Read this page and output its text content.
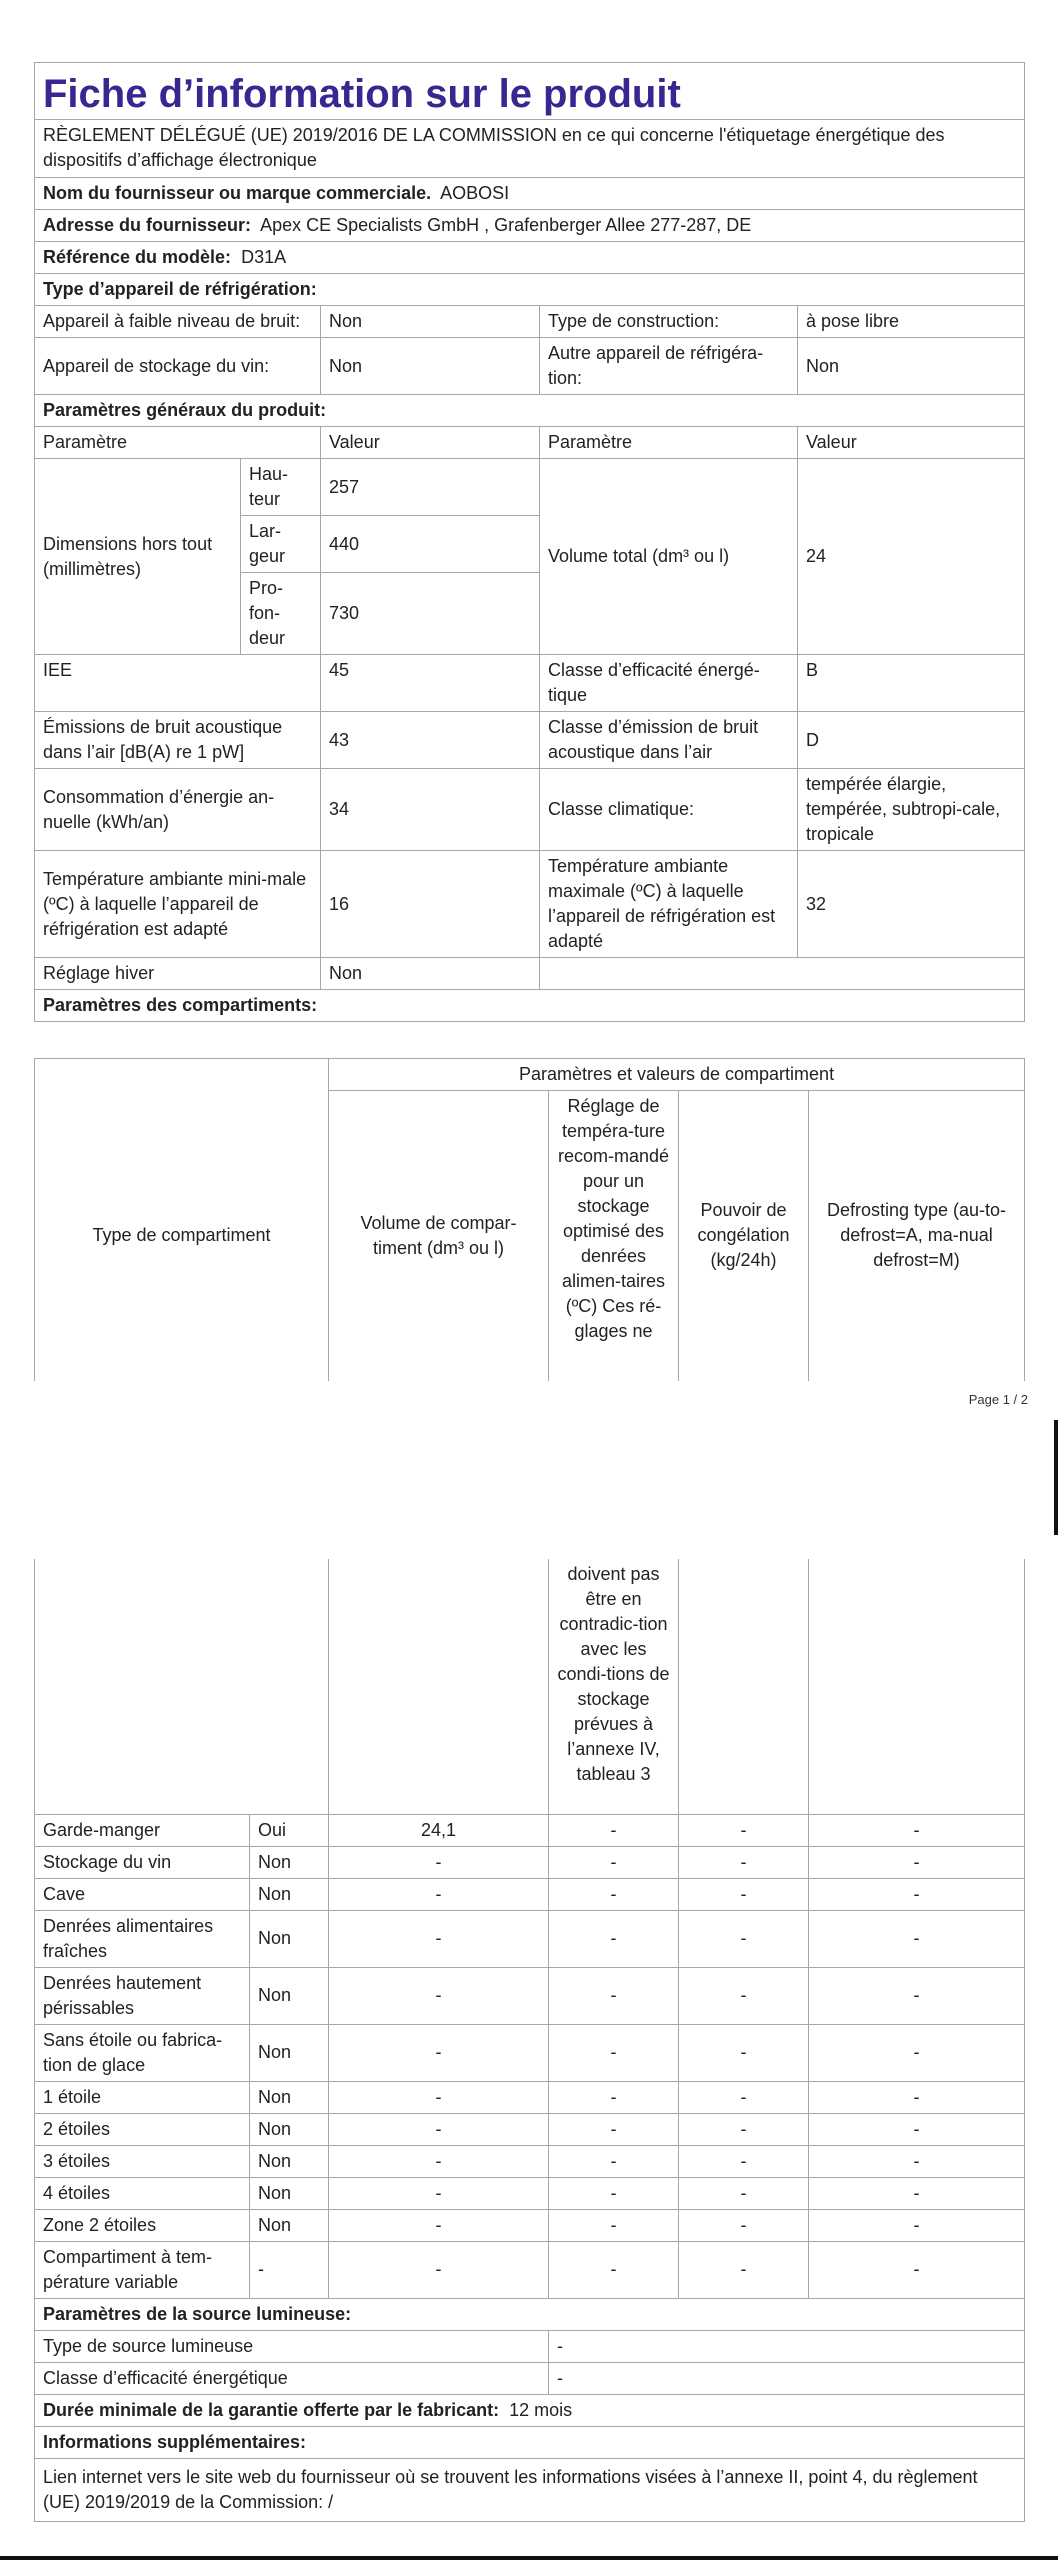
Fiche d’information sur le produit				
RÈGLEMENT DÉLÉGUÉ (UE) 2019/2016 DE LA COMMISSION en ce qui concerne l'étiquetage énergétique des dispositifs d’affichage électronique				
Nom du fournisseur ou marque commerciale. AOBOSI				
Adresse du fournisseur: Apex CE Specialists GmbH , Grafenberger Allee 277-287, DE				
Référence du modèle: D31A				
Type d’appareil de réfrigération:				
Appareil à faible niveau de bruit:		Non	Type de construction:	à pose libre
Appareil de stockage du vin:		Non	Autre appareil de réfrigéra-tion:	Non
Paramètres généraux du produit:				
Paramètre		Valeur	Paramètre	Valeur
Dimensions hors tout (millimètres)	Hau-teur	257	Volume total (dm³ ou l)	24
	Lar-geur	440		
	Pro-fon-deur	730		
IEE		45	Classe d’efficacité énergé-tique	B
Émissions de bruit acoustique dans l’air [dB(A) re 1 pW]		43	Classe d’émission de bruit acoustique dans l’air	D
Consommation d’énergie an-nuelle (kWh/an)		34	Classe climatique:	tempérée élargie, tempérée, subtropi-cale, tropicale
Température ambiante mini-male (ºC) à laquelle l’appareil de réfrigération est adapté		16	Température ambiante maximale (ºC) à laquelle l’appareil de réfrigération est adapté	32
Réglage hiver		Non		
Paramètres des compartiments:				
	Paramètres et valeurs de compartiment			
Type de compartiment	Volume de compar-timent (dm³ ou l)	Réglage de tempéra-ture recom-mandé pour un stockage optimisé des denrées alimen-taires (ºC) Ces ré-glages ne	Pouvoir de congélation (kg/24h)	Defrosting type (au-to-defrost=A, ma-nual defrost=M)
Page 1 / 2
			doivent pas être en contradic-tion avec les condi-tions de stockage prévues à l’annexe IV, tableau 3		
Garde-manger	Oui	24,1	-	-	-
Stockage du vin	Non	-	-	-	-
Cave	Non	-	-	-	-
Denrées alimentaires fraîches	Non	-	-	-	-
Denrées hautement périssables	Non	-	-	-	-
Sans étoile ou fabrica-tion de glace	Non	-	-	-	-
1 étoile	Non	-	-	-	-
2 étoiles	Non	-	-	-	-
3 étoiles	Non	-	-	-	-
4 étoiles	Non	-	-	-	-
Zone 2 étoiles	Non	-	-	-	-
Compartiment à tem-pérature variable	-	-	-	-	-
Paramètres de la source lumineuse:					
Type de source lumineuse			-		
Classe d’efficacité énergétique			-		
Durée minimale de la garantie offerte par le fabricant: 12 mois					
Informations supplémentaires:					
Lien internet vers le site web du fournisseur où se trouvent les informations visées à l’annexe II, point 4, du règlement (UE) 2019/2019 de la Commission: /					
